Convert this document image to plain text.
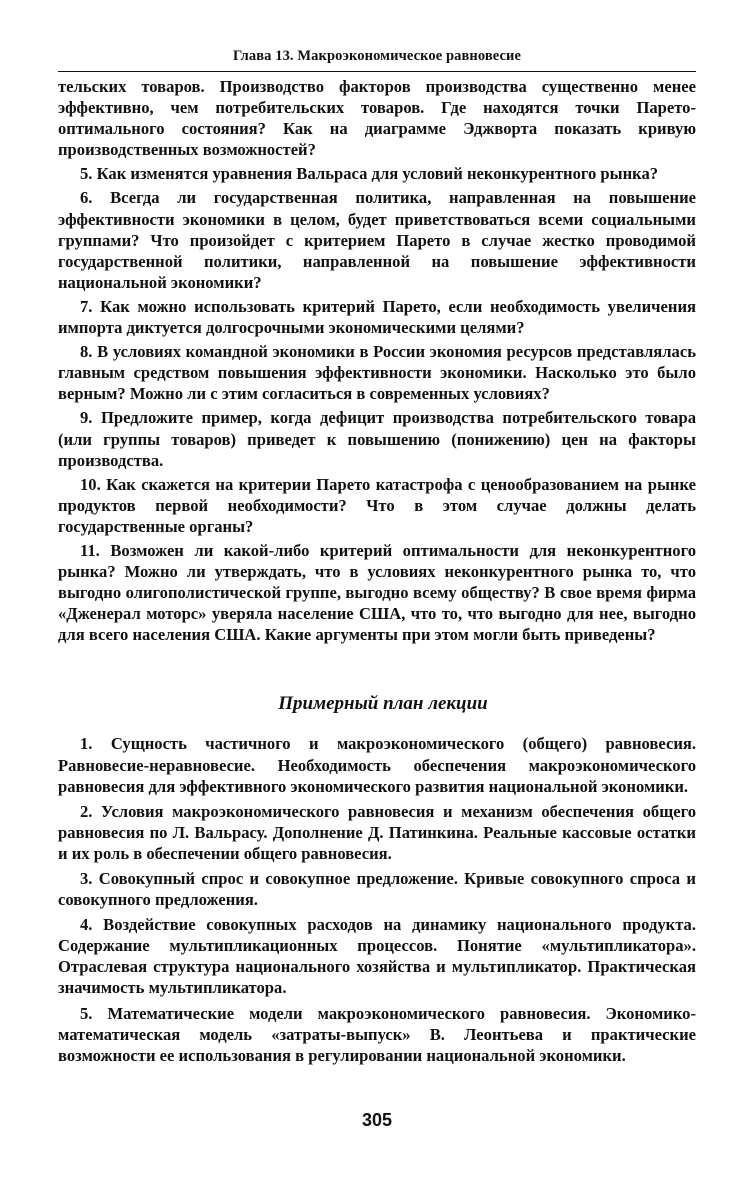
Глава 13. Макроэкономическое равновесие

тельских товаров. Производство факторов производства существенно менее эффективно, чем потребительских товаров. Где находятся точки Парето-оптимального состояния? Как на диаграмме Эджворта показать кривую производственных возможностей?

5. Как изменятся уравнения Вальраса для условий неконкурентного рынка?

6. Всегда ли государственная политика, направленная на повышение эффективности экономики в целом, будет приветствоваться всеми социальными группами? Что произойдет с критерием Парето в случае жестко проводимой государственной политики, направленной на повышение эффективности национальной экономики?

7. Как можно использовать критерий Парето, если необходимость увеличения импорта диктуется долгосрочными экономическими целями?

8. В условиях командной экономики в России экономия ресурсов представлялась главным средством повышения эффективности экономики. Насколько это было верным? Можно ли с этим согласиться в современных условиях?

9. Предложите пример, когда дефицит производства потребительского товара (или группы товаров) приведет к повышению (понижению) цен на факторы производства.

10. Как скажется на критерии Парето катастрофа с ценообразованием на рынке продуктов первой необходимости? Что в этом случае должны делать государственные органы?

11. Возможен ли какой-либо критерий оптимальности для неконкурентного рынка? Можно ли утверждать, что в условиях неконкурентного рынка то, что выгодно олигополистической группе, выгодно всему обществу? В свое время фирма «Дженерал моторс» уверяла население США, что то, что выгодно для нее, выгодно для всего населения США. Какие аргументы при этом могли быть приведены?

Примерный план лекции

1. Сущность частичного и макроэкономического (общего) равновесия. Равновесие-неравновесие. Необходимость обеспечения макроэкономического равновесия для эффективного экономического развития национальной экономики.

2. Условия макроэкономического равновесия и механизм обеспечения общего равновесия по Л. Вальрасу. Дополнение Д. Патинкина. Реальные кассовые остатки и их роль в обеспечении общего равновесия.

3. Совокупный спрос и совокупное предложение. Кривые совокупного спроса и совокупного предложения.

4. Воздействие совокупных расходов на динамику национального продукта. Содержание мультипликационных процессов. Понятие «мультипликатора». Отраслевая структура национального хозяйства и мультипликатор. Практическая значимость мультипликатора.

5. Математические модели макроэкономического равновесия. Экономико-математическая модель «затраты-выпуск» В. Леонтьева и практические возможности ее использования в регулировании национальной экономики.

305
